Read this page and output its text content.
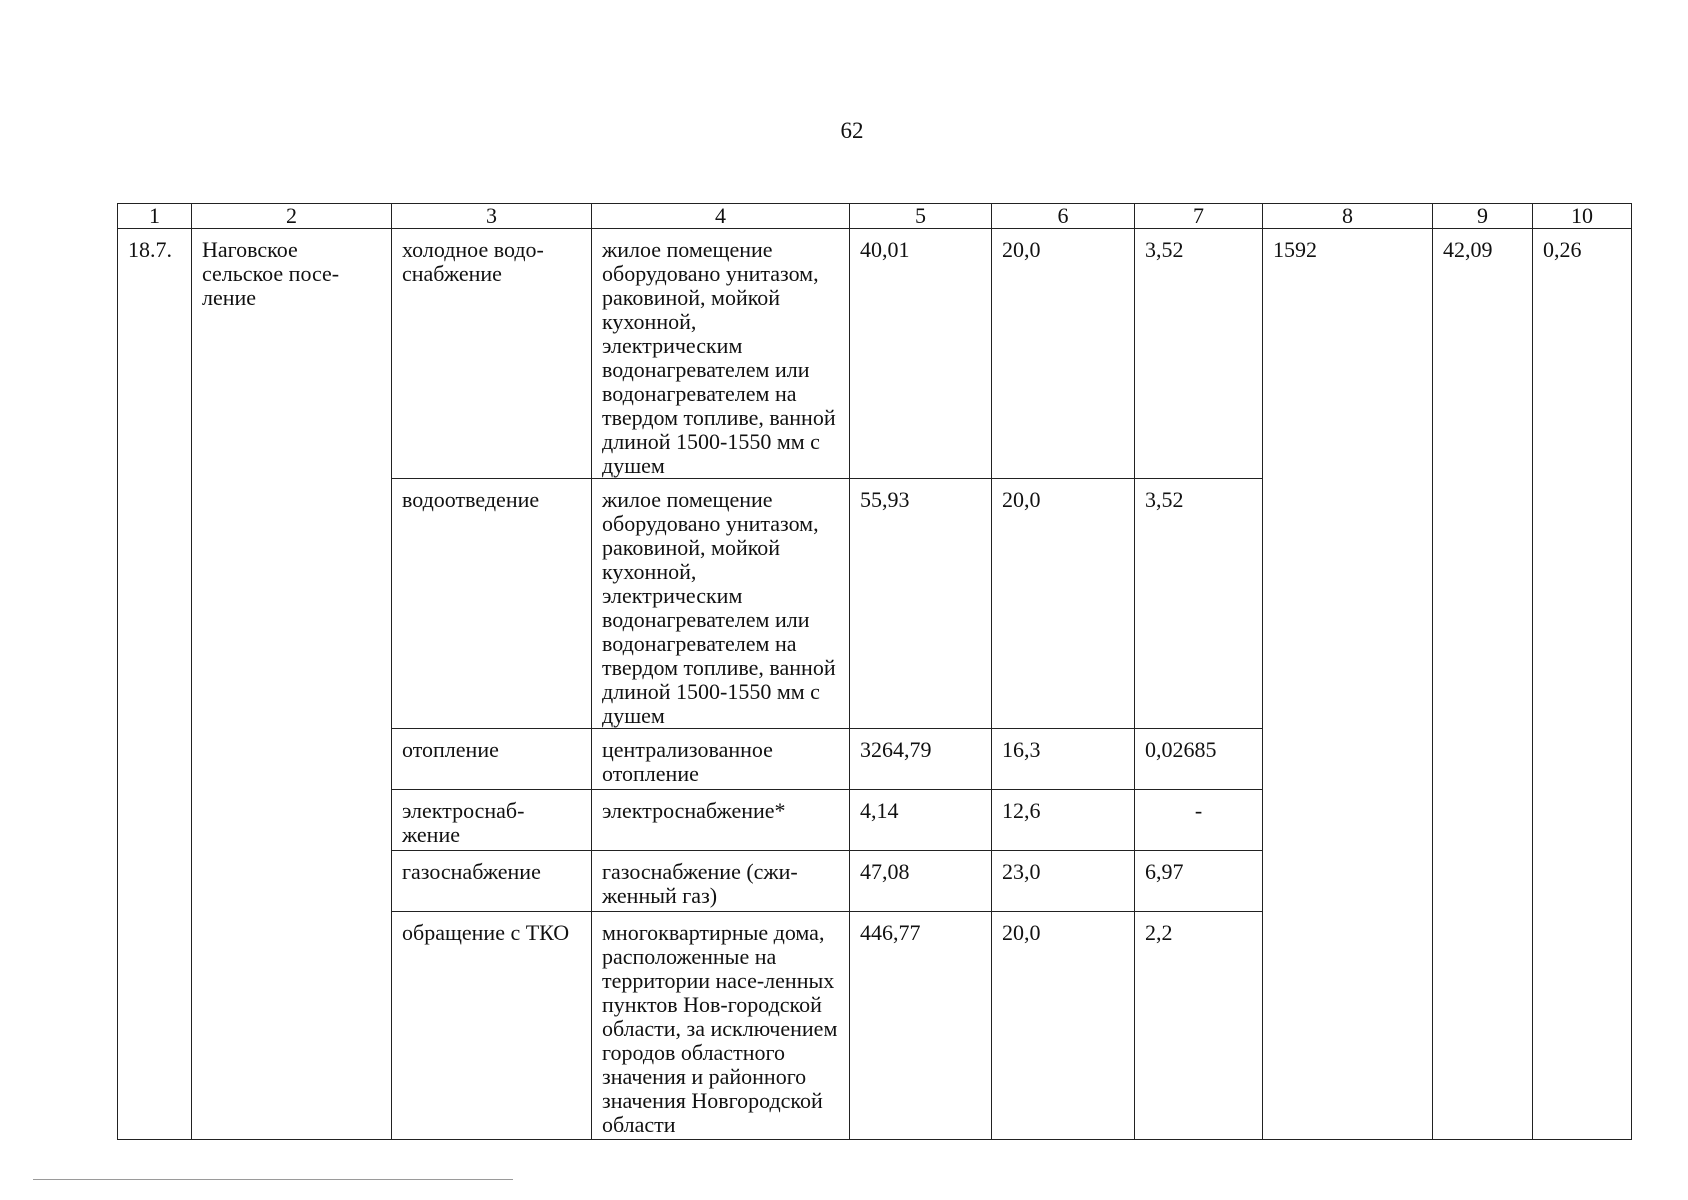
62
1	2	3	4	5	6	7	8	9	10
18.7.	Наговское сельское посе-ление	холодное водо-снабжение	жилое помещение оборудовано унитазом, раковиной, мойкой кухонной, электрическим водонагревателем или водонагревателем на твердом топливе, ванной длиной 1500-1550 мм с душем	40,01	20,0	3,52	1592	42,09	0,26
		водоотведение	жилое помещение оборудовано унитазом, раковиной, мойкой кухонной, электрическим водонагревателем или водонагревателем на твердом топливе, ванной длиной 1500-1550 мм с душем	55,93	20,0	3,52			
		отопление	централизованное отопление	3264,79	16,3	0,02685			
		электроснаб-жение	электроснабжение*	4,14	12,6	-			
		газоснабжение	газоснабжение (сжи-женный газ)	47,08	23,0	6,97			
		обращение с ТКО	многоквартирные дома, расположенные на территории насе-ленных пунктов Нов-городской области, за исключением городов областного значения и районного значения Новгородской области	446,77	20,0	2,2			
